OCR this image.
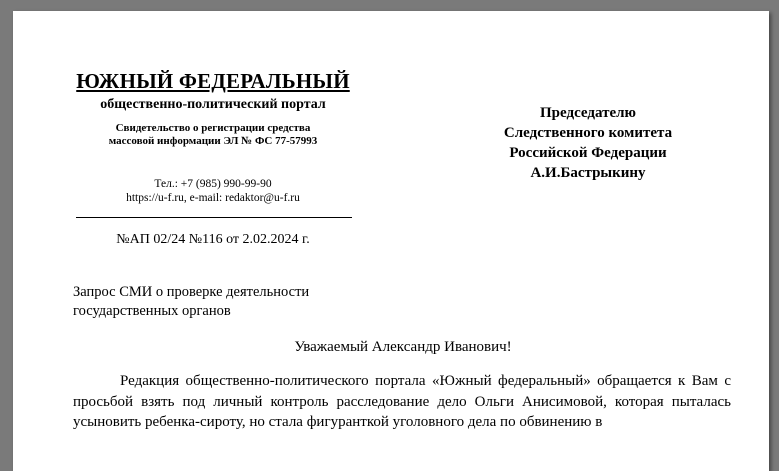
ЮЖНЫЙ ФЕДЕРАЛЬНЫЙ
общественно-политический портал
Свидетельство о регистрации средства
массовой информации ЭЛ № ФС 77-57993
Тел.: +7 (985) 990-99-90
https://u-f.ru, e-mail: redaktor@u-f.ru
№АП 02/24 №116 от 2.02.2024 г.
Председателю
Следственного комитета
Российской Федерации
А.И.Бастрыкину
Запрос СМИ о проверке деятельности
государственных органов
Уважаемый Александр Иванович!
Редакция общественно-политического портала «Южный федеральный» обращается к Вам с просьбой взять под личный контроль расследование дело Ольги Анисимовой, которая пыталась усыновить ребенка-сироту, но стала фигуранткой уголовного дела по обвинению в
